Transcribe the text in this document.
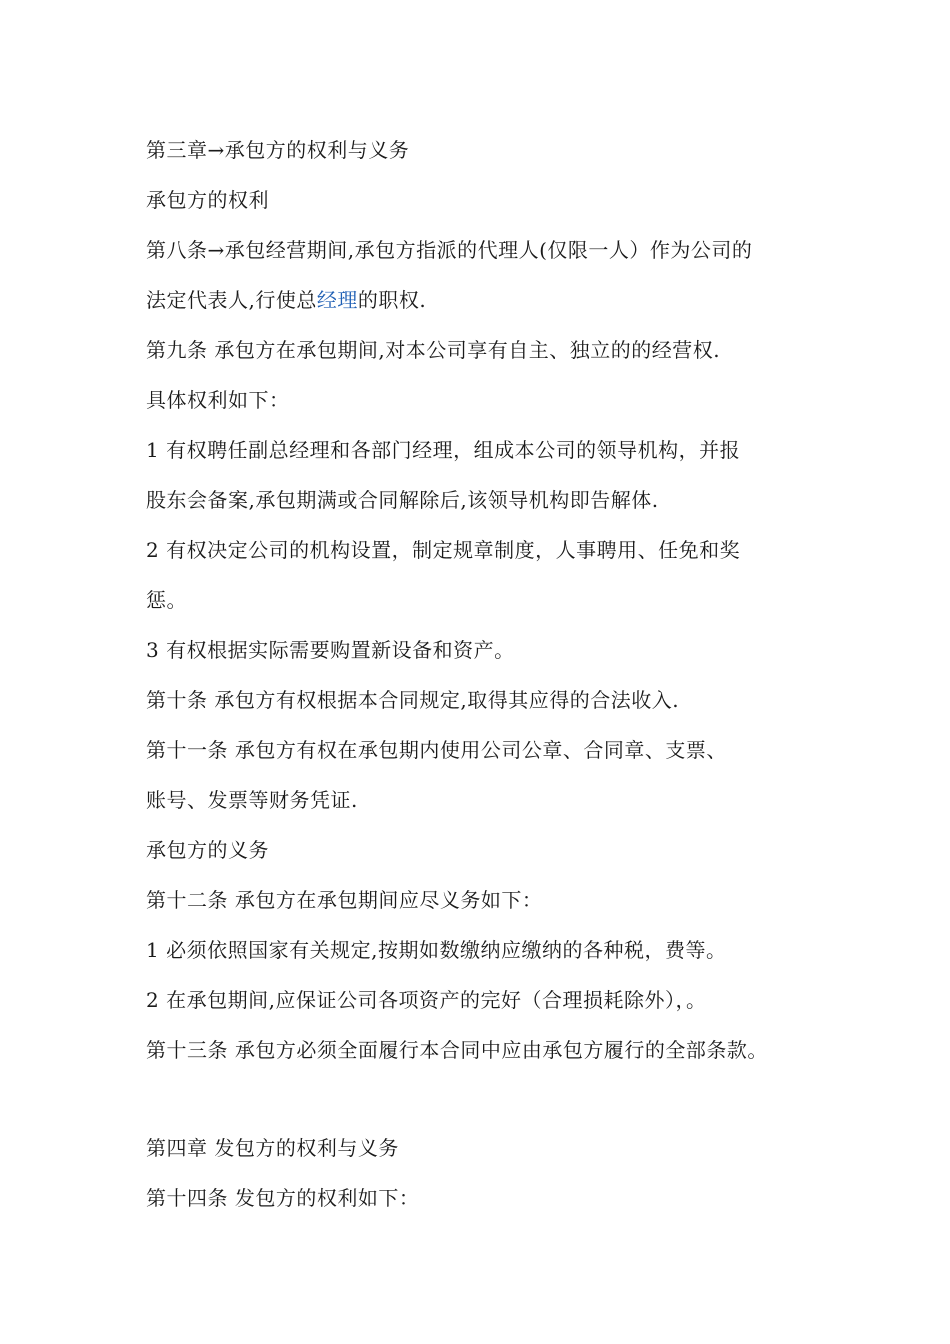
第三章→承包方的权利与义务
承包方的权利
第八条→承包经营期间,承包方指派的代理人(仅限一人）作为公司的
法定代表人,行使总经理的职权.
第九条 承包方在承包期间,对本公司享有自主、独立的的经营权.
具体权利如下：
1 有权聘任副总经理和各部门经理，组成本公司的领导机构，并报
股东会备案,承包期满或合同解除后,该领导机构即告解体.
2 有权决定公司的机构设置，制定规章制度，人事聘用、任免和奖
惩。
3 有权根据实际需要购置新设备和资产。
第十条 承包方有权根据本合同规定,取得其应得的合法收入.
第十一条 承包方有权在承包期内使用公司公章、合同章、支票、
账号、发票等财务凭证.
承包方的义务
第十二条 承包方在承包期间应尽义务如下：
1 必须依照国家有关规定,按期如数缴纳应缴纳的各种税，费等。
2 在承包期间,应保证公司各项资产的完好（合理损耗除外），。
第十三条 承包方必须全面履行本合同中应由承包方履行的全部条款。
第四章 发包方的权利与义务
第十四条 发包方的权利如下：
